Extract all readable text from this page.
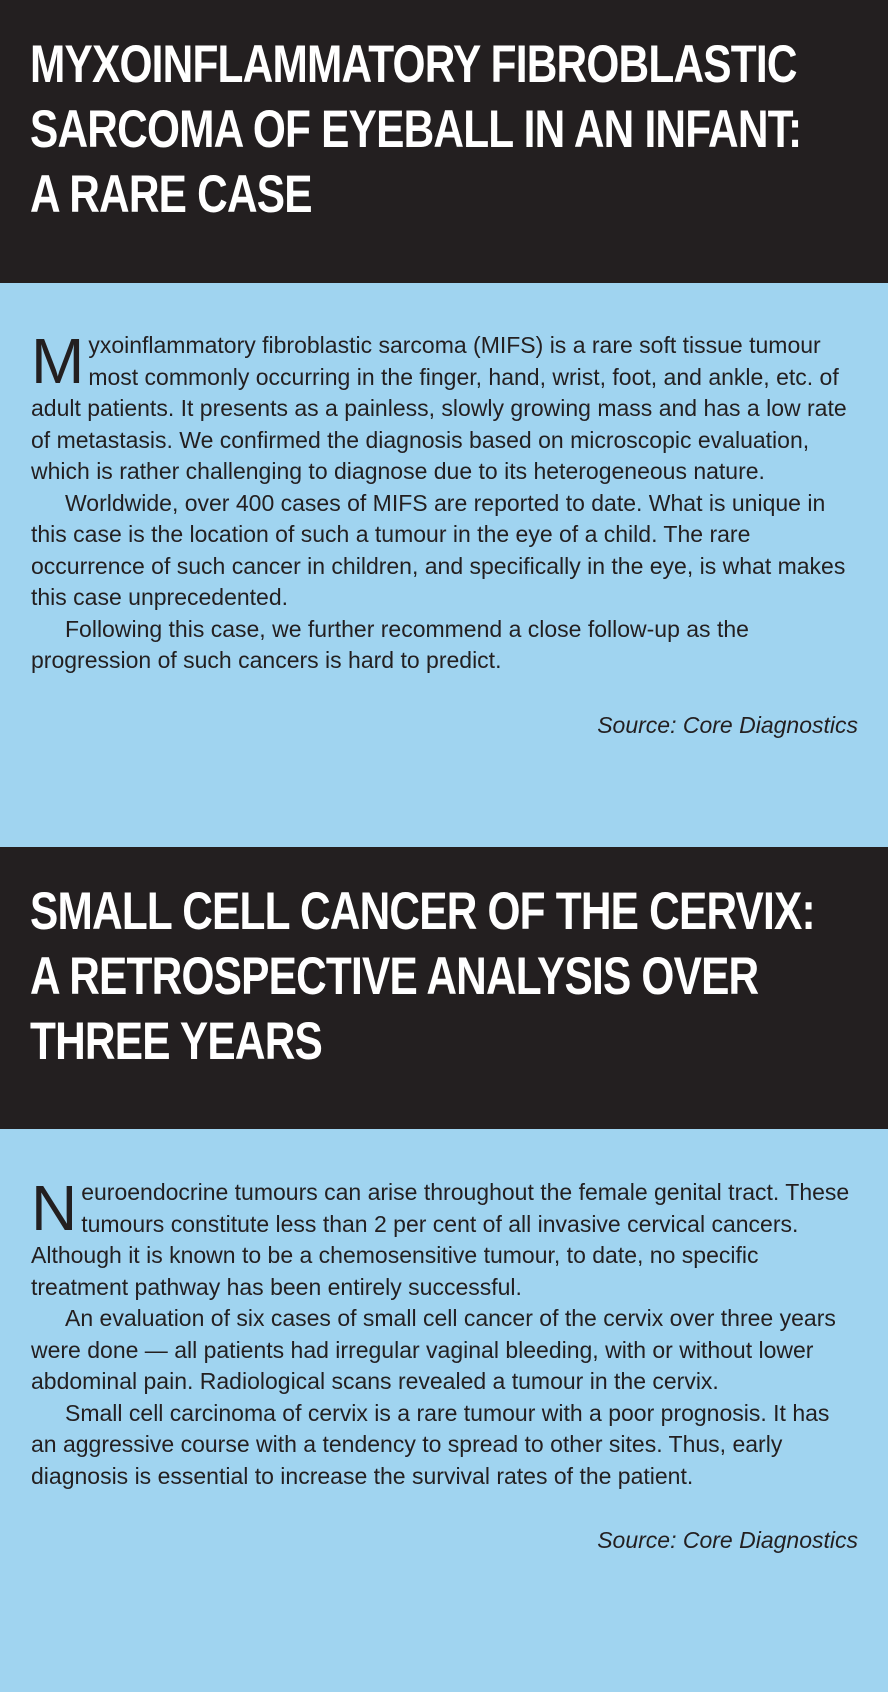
MYXOINFLAMMATORY FIBROBLASTIC
SARCOMA OF EYEBALL IN AN INFANT:
A RARE CASE

Myxoinflammatory fibroblastic sarcoma (MIFS) is a rare soft tissue tumour most commonly occurring in the finger, hand, wrist, foot, and ankle, etc. of adult patients. It presents as a painless, slowly growing mass and has a low rate of metastasis. We confirmed the diagnosis based on microscopic evaluation, which is rather challenging to diagnose due to its heterogeneous nature.

Worldwide, over 400 cases of MIFS are reported to date. What is unique in this case is the location of such a tumour in the eye of a child. The rare occurrence of such cancer in children, and specifically in the eye, is what makes this case unprecedented.

Following this case, we further recommend a close follow-up as the progression of such cancers is hard to predict.

Source: Core Diagnostics

SMALL CELL CANCER OF THE CERVIX:
A RETROSPECTIVE ANALYSIS OVER
THREE YEARS

Neuroendocrine tumours can arise throughout the female genital tract. These tumours constitute less than 2 per cent of all invasive cervical cancers. Although it is known to be a chemosensitive tumour, to date, no specific treatment pathway has been entirely successful.

An evaluation of six cases of small cell cancer of the cervix over three years were done — all patients had irregular vaginal bleeding, with or without lower abdominal pain. Radiological scans revealed a tumour in the cervix.

Small cell carcinoma of cervix is a rare tumour with a poor prognosis. It has an aggressive course with a tendency to spread to other sites. Thus, early diagnosis is essential to increase the survival rates of the patient.

Source: Core Diagnostics
